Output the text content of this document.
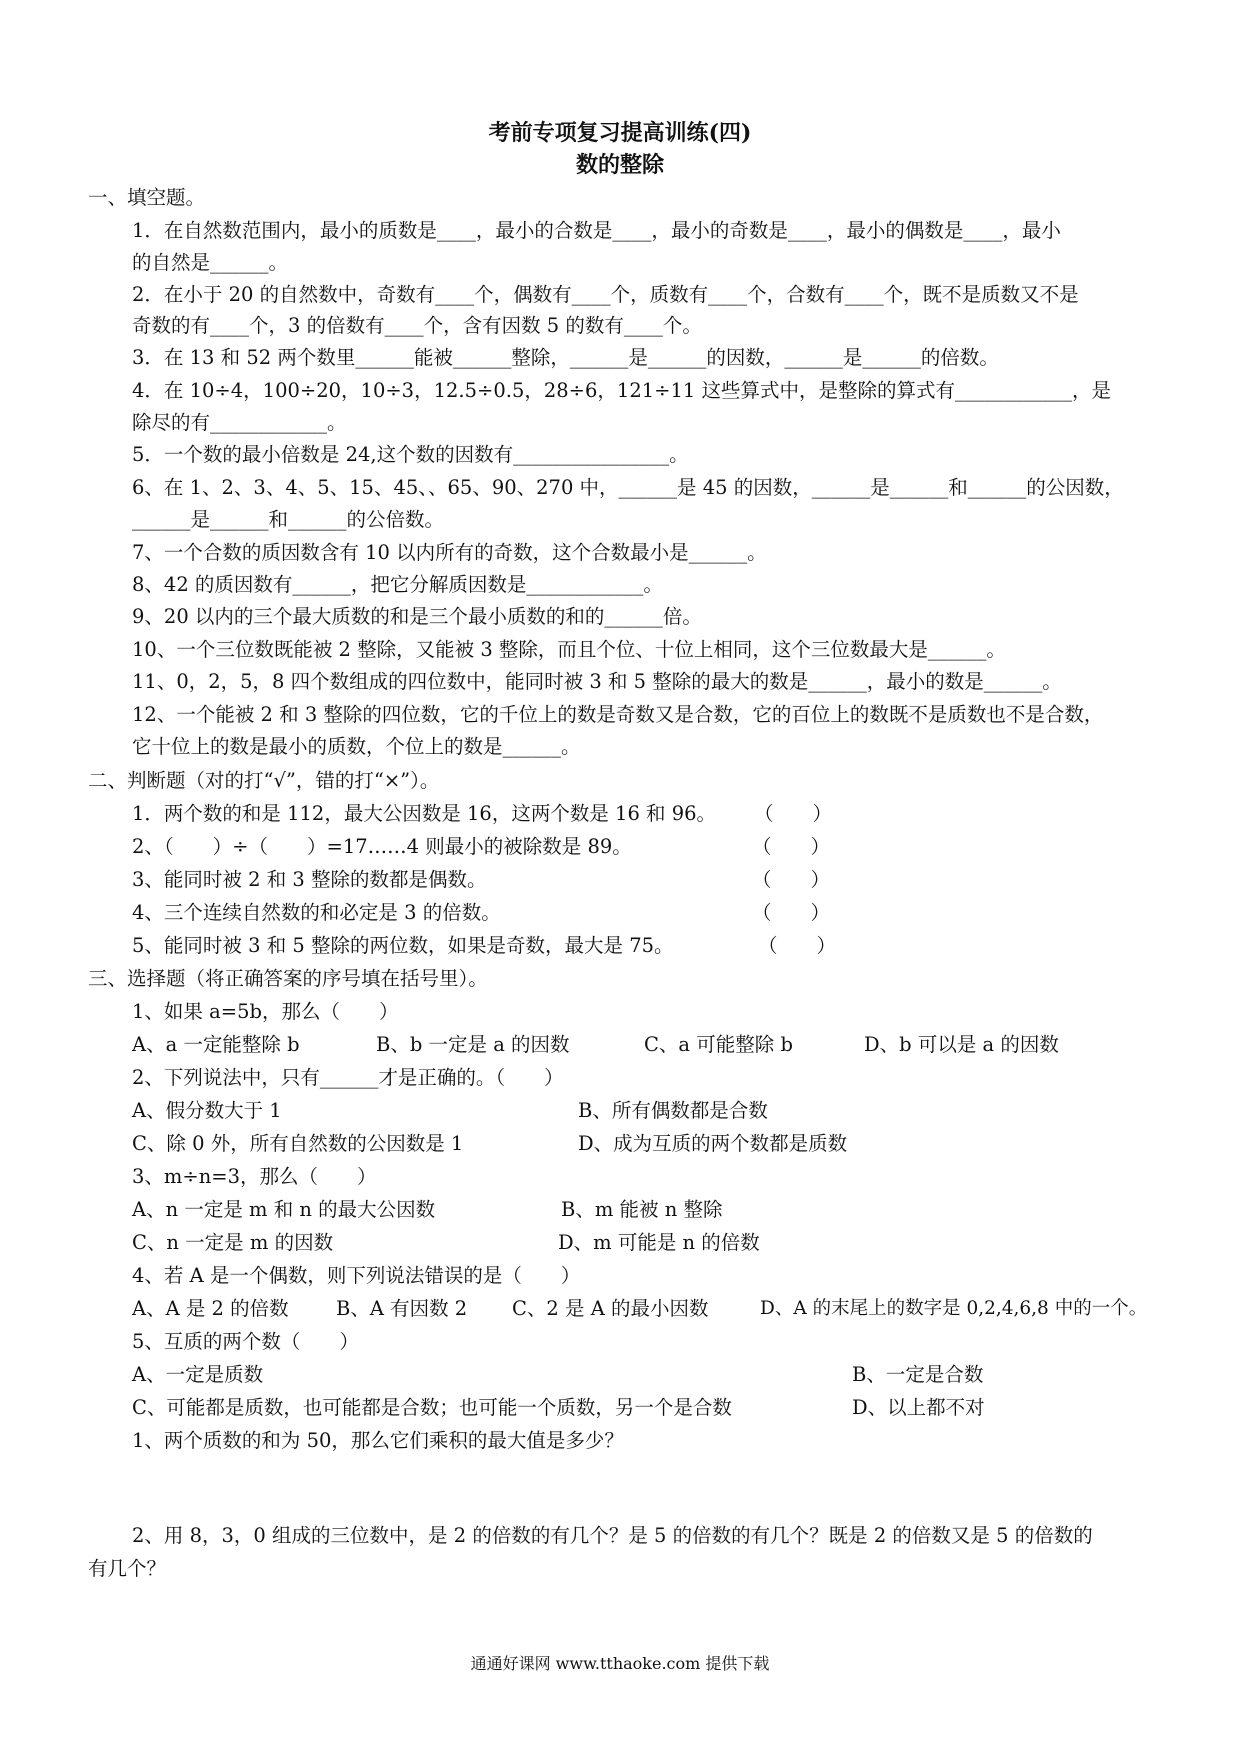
考前专项复习提高训练(四)
数的整除
一、填空题。
1．在自然数范围内，最小的质数是____，最小的合数是____，最小的奇数是____，最小的偶数是____，最小
的自然是______。
2．在小于 20 的自然数中，奇数有____个，偶数有____个，质数有____个，合数有____个，既不是质数又不是
奇数的有____个，3 的倍数有____个，含有因数 5 的数有____个。
3．在 13 和 52 两个数里______能被______整除，______是______的因数，______是______的倍数。
4．在 10÷4，100÷20，10÷3，12.5÷0.5，28÷6，121÷11 这些算式中，是整除的算式有____________，是
除尽的有____________。
5．一个数的最小倍数是 24,这个数的因数有________________。
6、在 1、2、3、4、5、15、45、、65、90、270 中，______是 45 的因数，______是______和______的公因数，
______是______和______的公倍数。
7、一个合数的质因数含有 10 以内所有的奇数，这个合数最小是______。
8、42 的质因数有______，把它分解质因数是____________。
9、20 以内的三个最大质数的和是三个最小质数的和的______倍。
10、一个三位数既能被 2 整除，又能被 3 整除，而且个位、十位上相同，这个三位数最大是______。
11、0，2，5，8 四个数组成的四位数中，能同时被 3 和 5 整除的最大的数是______，最小的数是______。
12、一个能被 2 和 3 整除的四位数，它的千位上的数是奇数又是合数，它的百位上的数既不是质数也不是合数，
它十位上的数是最小的质数，个位上的数是______。
二、判断题（对的打“√”，错的打“×”）。
1．两个数的和是 112，最大公因数是 16，这两个数是 16 和 96。 （　　）
2、（　　）÷（　　）=17……4 则最小的被除数是 89。	（　　）
3、能同时被 2 和 3 整除的数都是偶数。	（　　）
4、三个连续自然数的和必定是 3 的倍数。	（　　）
5、能同时被 3 和 5 整除的两位数，如果是奇数，最大是 75。	（　　）
三、选择题（将正确答案的序号填在括号里）。
1、如果 a=5b，那么（　　）
A、a 一定能整除 b	B、b 一定是 a 的因数	C、a 可能整除 b	D、b 可以是 a 的因数
2、下列说法中，只有______才是正确的。（　　）
A、假分数大于 1	B、所有偶数都是合数
C、除 0 外，所有自然数的公因数是 1	D、成为互质的两个数都是质数
3、m÷n=3，那么（　　）
A、n 一定是 m 和 n 的最大公因数	B、m 能被 n 整除
C、n 一定是 m 的因数	D、m 可能是 n 的倍数
4、若 A 是一个偶数，则下列说法错误的是（　　）
A、A 是 2 的倍数 B、A 有因数 2 C、2 是 A 的最小因数	D、A 的末尾上的数字是 0,2,4,6,8 中的一个。
5、互质的两个数（　　）
A、一定是质数	B、一定是合数
C、可能都是质数，也可能都是合数；也可能一个质数，另一个是合数	D、以上都不对
1、两个质数的和为 50，那么它们乘积的最大值是多少？
2、用 8，3，0 组成的三位数中，是 2 的倍数的有几个？是 5 的倍数的有几个？既是 2 的倍数又是 5 的倍数的
有几个？
通通好课网 www.tthaoke.com 提供下载
